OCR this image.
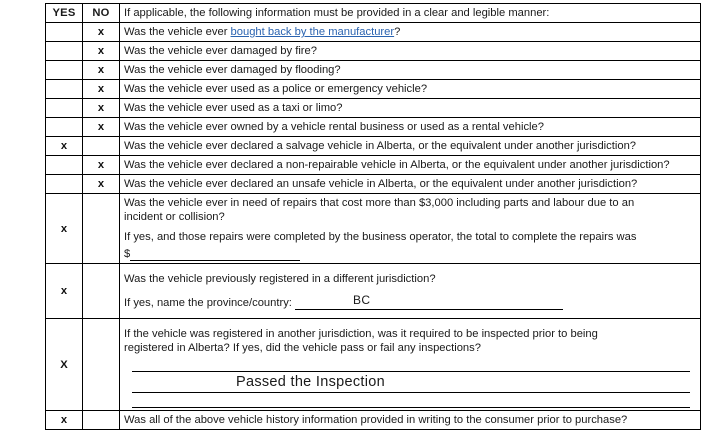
YES	NO	If applicable, the following information must be provided in a clear and legible manner:
	x	Was the vehicle ever bought back by the manufacturer?
	x	Was the vehicle ever damaged by fire?
	x	Was the vehicle ever damaged by flooding?
	x	Was the vehicle ever used as a police or emergency vehicle?
	x	Was the vehicle ever used as a taxi or limo?
	x	Was the vehicle ever owned by a vehicle rental business or used as a rental vehicle?
x		Was the vehicle ever declared a salvage vehicle in Alberta, or the equivalent under another jurisdiction?
	x	Was the vehicle ever declared a non-repairable vehicle in Alberta, or the equivalent under another jurisdiction?
	x	Was the vehicle ever declared an unsafe vehicle in Alberta, or the equivalent under another jurisdiction?
x		Was the vehicle ever in need of repairs that cost more than $3,000 including parts and labour due to an
incident or collision?
If yes, and those repairs were completed by the business operator, the total to complete the repairs was
$

x		Was the vehicle previously registered in a different jurisdiction?
If yes, name the province/country: BC

X		If the vehicle was registered in another jurisdiction, was it required to be inspected prior to being
registered in Alberta? If yes, did the vehicle pass or fail any inspections?
Passed the Inspection

x		Was all of the above vehicle history information provided in writing to the consumer prior to purchase?
